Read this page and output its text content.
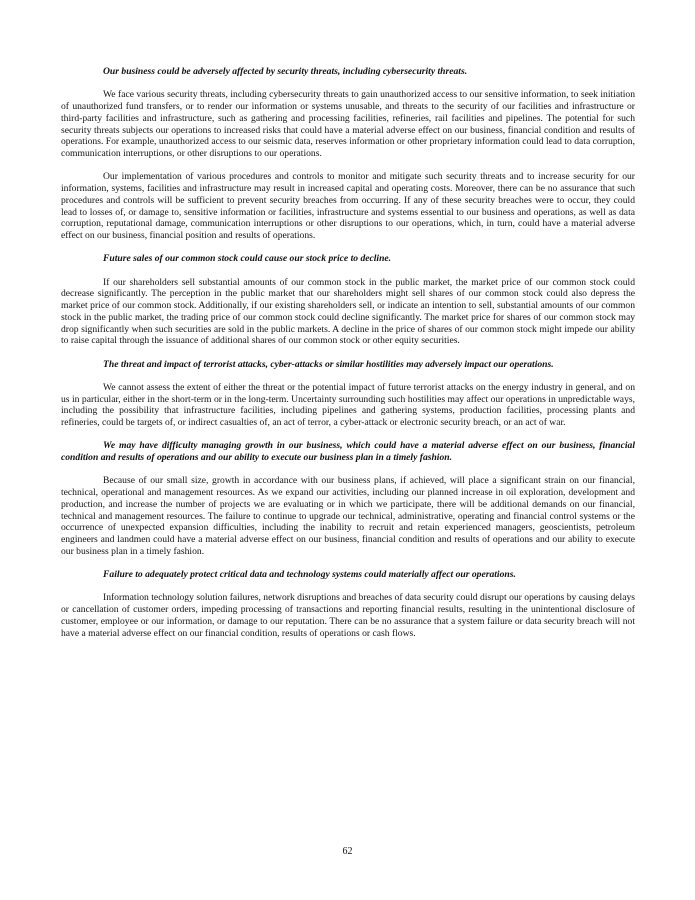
Our business could be adversely affected by security threats, including cybersecurity threats.

We face various security threats, including cybersecurity threats to gain unauthorized access to our sensitive information, to seek initiation of unauthorized fund transfers, or to render our information or systems unusable, and threats to the security of our facilities and infrastructure or third-party facilities and infrastructure, such as gathering and processing facilities, refineries, rail facilities and pipelines. The potential for such security threats subjects our operations to increased risks that could have a material adverse effect on our business, financial condition and results of operations. For example, unauthorized access to our seismic data, reserves information or other proprietary information could lead to data corruption, communication interruptions, or other disruptions to our operations.

Our implementation of various procedures and controls to monitor and mitigate such security threats and to increase security for our information, systems, facilities and infrastructure may result in increased capital and operating costs. Moreover, there can be no assurance that such procedures and controls will be sufficient to prevent security breaches from occurring. If any of these security breaches were to occur, they could lead to losses of, or damage to, sensitive information or facilities, infrastructure and systems essential to our business and operations, as well as data corruption, reputational damage, communication interruptions or other disruptions to our operations, which, in turn, could have a material adverse effect on our business, financial position and results of operations.

Future sales of our common stock could cause our stock price to decline.

If our shareholders sell substantial amounts of our common stock in the public market, the market price of our common stock could decrease significantly. The perception in the public market that our shareholders might sell shares of our common stock could also depress the market price of our common stock. Additionally, if our existing shareholders sell, or indicate an intention to sell, substantial amounts of our common stock in the public market, the trading price of our common stock could decline significantly. The market price for shares of our common stock may drop significantly when such securities are sold in the public markets. A decline in the price of shares of our common stock might impede our ability to raise capital through the issuance of additional shares of our common stock or other equity securities.

The threat and impact of terrorist attacks, cyber-attacks or similar hostilities may adversely impact our operations.

We cannot assess the extent of either the threat or the potential impact of future terrorist attacks on the energy industry in general, and on us in particular, either in the short-term or in the long-term. Uncertainty surrounding such hostilities may affect our operations in unpredictable ways, including the possibility that infrastructure facilities, including pipelines and gathering systems, production facilities, processing plants and refineries, could be targets of, or indirect casualties of, an act of terror, a cyber-attack or electronic security breach, or an act of war.

We may have difficulty managing growth in our business, which could have a material adverse effect on our business, financial condition and results of operations and our ability to execute our business plan in a timely fashion.

Because of our small size, growth in accordance with our business plans, if achieved, will place a significant strain on our financial, technical, operational and management resources. As we expand our activities, including our planned increase in oil exploration, development and production, and increase the number of projects we are evaluating or in which we participate, there will be additional demands on our financial, technical and management resources. The failure to continue to upgrade our technical, administrative, operating and financial control systems or the occurrence of unexpected expansion difficulties, including the inability to recruit and retain experienced managers, geoscientists, petroleum engineers and landmen could have a material adverse effect on our business, financial condition and results of operations and our ability to execute our business plan in a timely fashion.

Failure to adequately protect critical data and technology systems could materially affect our operations.

Information technology solution failures, network disruptions and breaches of data security could disrupt our operations by causing delays or cancellation of customer orders, impeding processing of transactions and reporting financial results, resulting in the unintentional disclosure of customer, employee or our information, or damage to our reputation. There can be no assurance that a system failure or data security breach will not have a material adverse effect on our financial condition, results of operations or cash flows.

62
